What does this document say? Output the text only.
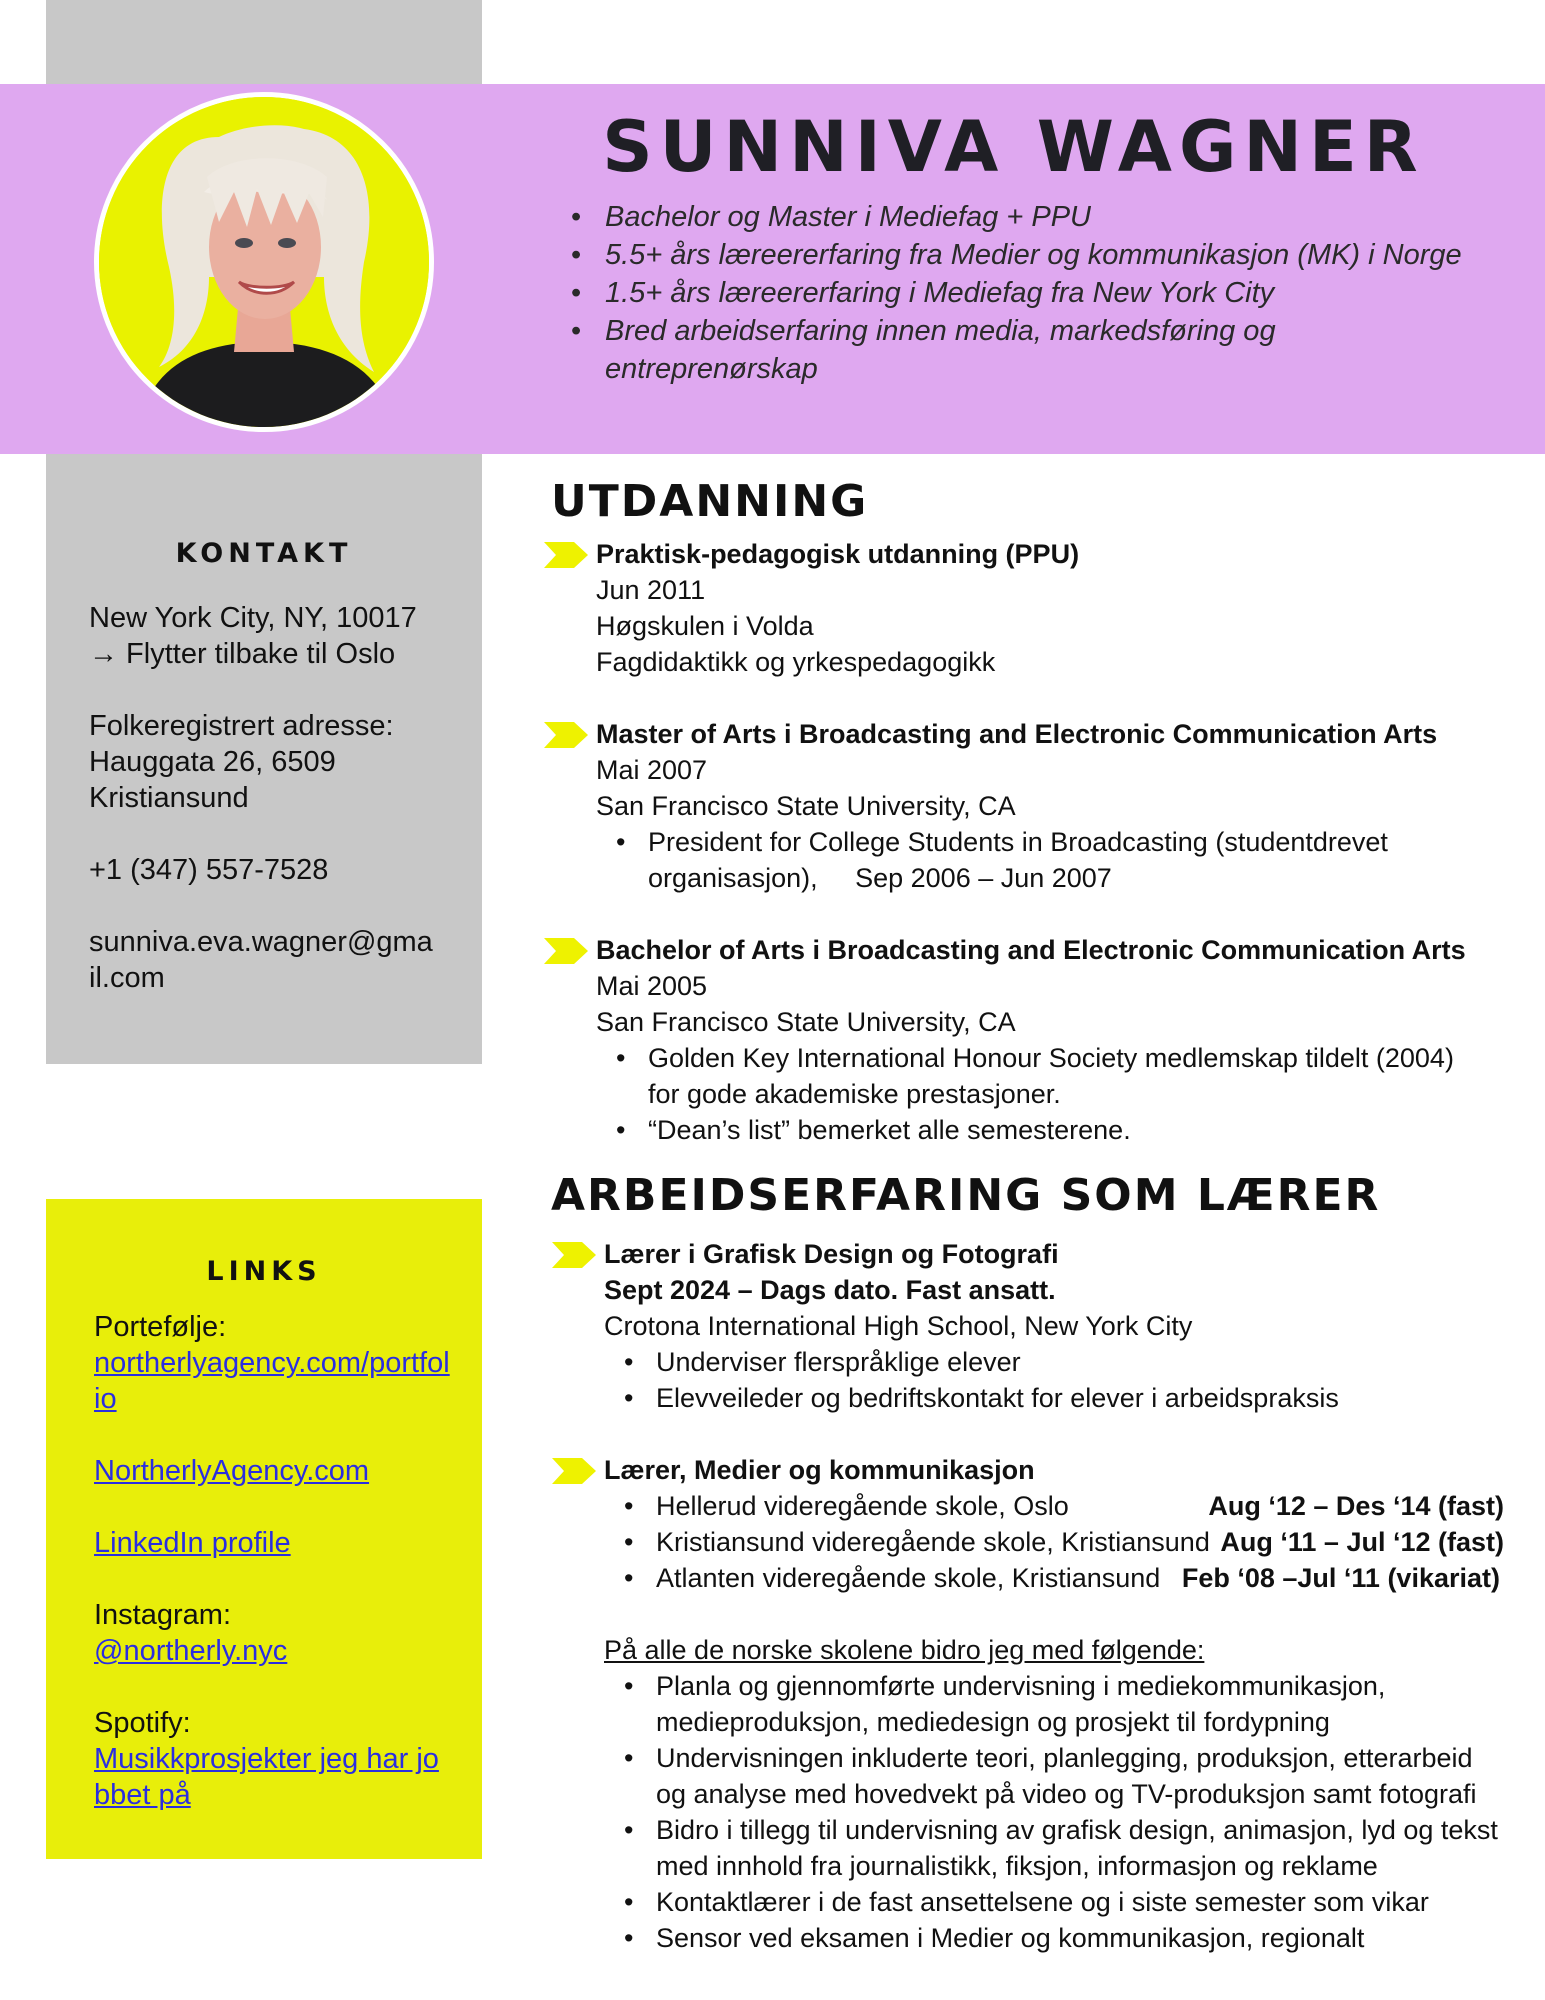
SUNNIVA WAGNER
• Bachelor og Master i Mediefag + PPU
• 5.5+ års læreererfaring fra Medier og kommunikasjon (MK) i Norge
• 1.5+ års læreererfaring i Mediefag fra New York City
• Bred arbeidserfaring innen media, markedsføring og entreprenørskap
KONTAKT

New York City, NY, 10017

→ Flytter tilbake til Oslo

Folkeregistrert adresse:

Hauggata 26, 6509

Kristiansund

+1 (347) 557-7528

sunniva.eva.wagner@gmail.com

LINKS
Portefølje:
northerlyagency.com/portfolio
NortherlyAgency.com
LinkedIn profile
Instagram:
@northerly.nyc
Spotify:
Musikkprosjekter jeg har jobbet på
UTDANNING
Praktisk-pedagogisk utdanning (PPU)
Jun 2011
Høgskulen i Volda
Fagdidaktikk og yrkespedagogikk
Master of Arts i Broadcasting and Electronic Communication Arts
Mai 2007
San Francisco State University, CA
• President for College Students in Broadcasting (studentdrevet organisasjon),     Sep 2006 – Jun 2007
Bachelor of Arts i Broadcasting and Electronic Communication Arts
Mai 2005
San Francisco State University, CA
• Golden Key International Honour Society medlemskap tildelt (2004) for gode akademiske prestasjoner.
• “Dean’s list” bemerket alle semesterene.
ARBEIDSERFARING SOM LÆRER
Lærer i Grafisk Design og Fotografi
Sept 2024 – Dags dato. Fast ansatt.
Crotona International High School, New York City
• Underviser flerspråklige elever
• Elevveileder og bedriftskontakt for elever i arbeidspraksis
Lærer, Medier og kommunikasjon
• Hellerud videregående skole, Oslo	Aug ‘12 – Des ‘14 (fast)
• Kristiansund videregående skole, Kristiansund Aug ‘11 – Jul ‘12 (fast)
• Atlanten videregående skole, Kristiansund Feb ‘08 –Jul ‘11 (vikariat)
På alle de norske skolene bidro jeg med følgende:
• Planla og gjennomførte undervisning i mediekommunikasjon, medieproduksjon, mediedesign og prosjekt til fordypning
• Undervisningen inkluderte teori, planlegging, produksjon, etterarbeid og analyse med hovedvekt på video og TV-produksjon samt fotografi
• Bidro i tillegg til undervisning av grafisk design, animasjon, lyd og tekst med innhold fra journalistikk, fiksjon, informasjon og reklame
• Kontaktlærer i de fast ansettelsene og i siste semester som vikar
• Sensor ved eksamen i Medier og kommunikasjon, regionalt
